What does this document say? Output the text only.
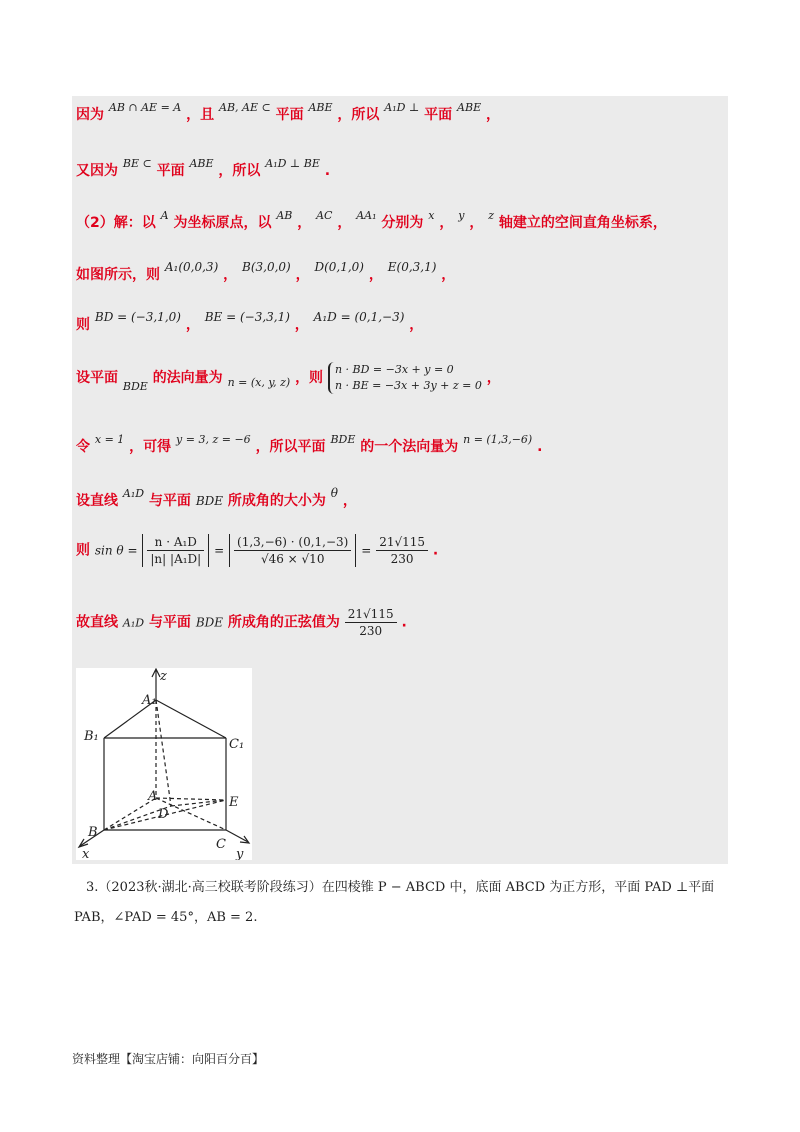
因为 $^{AB \cap AE = A}$ ，且 $^{AB, AE \subset}$ 平面 $^{ABE}$ ，所以 $^{A_1D \perp}$ 平面 $^{ABE}$ ，
又因为 $^{BE \subset}$ 平面 $^{ABE}$ ，所以 $^{A_1D \perp BE}$ .
（2）解：以 $^A$ 为坐标原点，以 $^{AB}$ ， $^{AC}$ ， $^{AA_1}$ 分别为 $^x$ ， $^y$ ， $^z$ 轴建立的空间直角坐标系，
如图所示，则 A₁(0,0,3) ， B(3,0,0) ， D(0,1,0) ， E(0,3,1) ，
则 BD = (−3,1,0) ， BE = (−3,3,1) ， A₁D = (0,1,−3) ，
设平面 $_{BDE}$ 的法向量为 $_{n = (x, y, z)}$ ，则
n · BD = −3x + y = 0
n · BE = −3x + 3y + z = 0 ，
令 $^{x = 1}$ ，可得 $^{y = 3, z = -6}$ ，所以平面 $^{BDE}$ 的一个法向量为 $^{n = (1,3,-6)}$ .
设直线 $^{A_1D}$ 与平面 BDE 所成角的大小为 θ ，
则 $\sin \theta = \frac{\text{n · A₁D}}{\text{|n| |A₁D|}} = \frac{(1,3,-6) \cdot (0,1,-3)}{√46 \times √10} = \frac{21√115}{230}$ .
故直线 A₁D 与平面 BDE 所成角的正弦值为 $\frac{21√115}{230}$ .
z
A₁
B₁
C₁
A
D
E
B
C
x	y
3.（2023秋·湖北·高三校联考阶段练习）在四棱锥 P − ABCD 中，底面 ABCD 为正方形，平面 PAD ⊥平面
PAB，∠PAD = 45°，AB = 2.
资料整理【淘宝店铺：向阳百分百】
